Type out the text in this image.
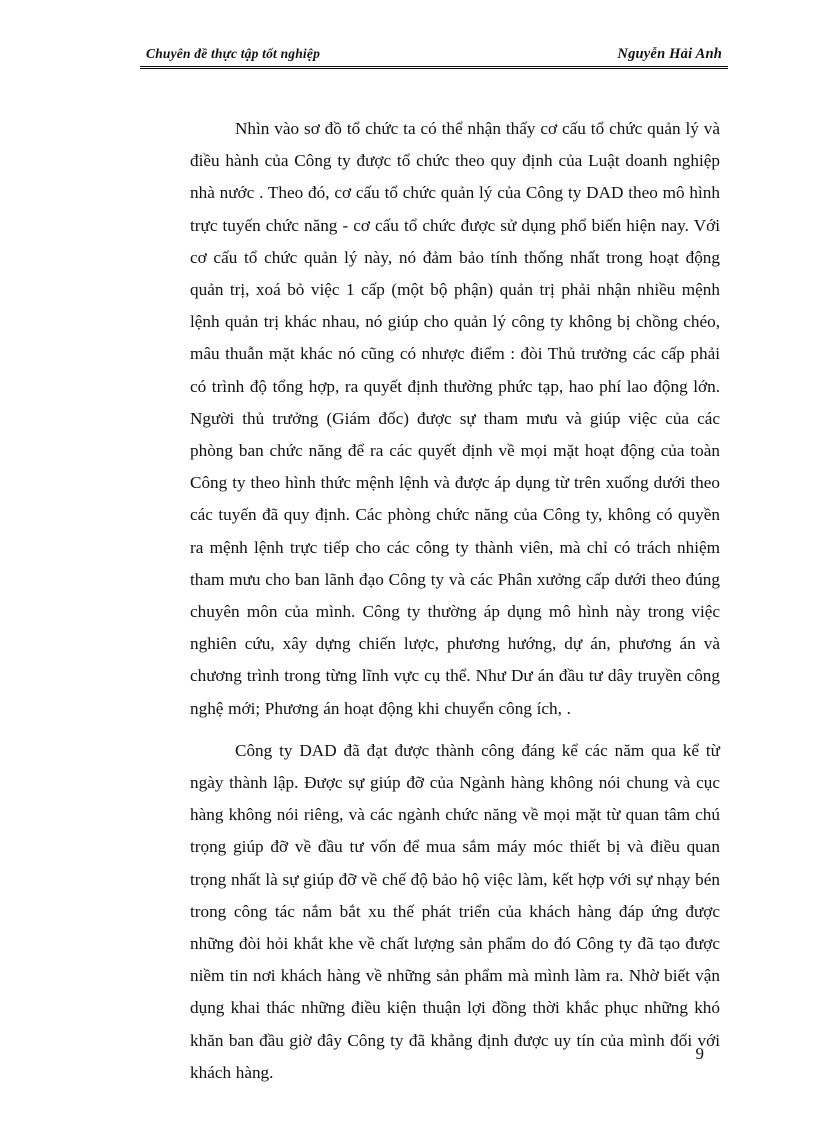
Chuyên đề thực tập tốt nghiệp	Nguyễn Hải Anh

Nhìn vào sơ đồ tổ chức ta có thể nhận thấy cơ cấu tổ chức quản lý và điều hành của Công ty được tổ chức theo quy định của Luật doanh nghiệp nhà nước . Theo đó, cơ cấu tổ chức quản lý của Công ty DAD theo mô hình trực tuyến chức năng - cơ cấu tổ chức được sử dụng phổ biến hiện nay. Với cơ cấu tổ chức quản lý này, nó đảm bảo tính thống nhất trong hoạt động quản trị, xoá bỏ việc 1 cấp (một bộ phận) quản trị phải nhận nhiều mệnh lệnh quản trị khác nhau, nó giúp cho quản lý công ty không bị chồng chéo, mâu thuẫn mặt khác nó cũng có nhược điểm : đòi Thủ trưởng các cấp phải có trình độ tổng hợp, ra quyết định thường phức tạp, hao phí lao động lớn. Người thủ trưởng (Giám đốc) được sự tham mưu và giúp việc của các phòng ban chức năng để ra các quyết định về mọi mặt hoạt động của toàn Công ty theo hình thức mệnh lệnh và được áp dụng từ trên xuống dưới theo các tuyến đã quy định. Các phòng chức năng của Công ty, không có quyền ra mệnh lệnh trực tiếp cho các công ty thành viên, mà chỉ có trách nhiệm tham mưu cho ban lãnh đạo Công ty và các Phân xưởng cấp dưới theo đúng chuyên môn của mình. Công ty thường áp dụng mô hình này trong việc nghiên cứu, xây dựng chiến lược, phương hướng, dự án, phương án và chương trình trong từng lĩnh vực cụ thể. Như Dư án đầu tư dây truyền công nghệ mới; Phương án hoạt động khi chuyển công ích, .

Công ty DAD đã đạt được thành công đáng kể các năm qua kể từ ngày thành lập. Được sự giúp đỡ của Ngành hàng không nói chung và cục hàng không nói riêng, và các ngành chức năng về mọi mặt từ quan tâm chú trọng giúp đỡ về đầu tư vốn để mua sắm máy móc thiết bị và điều quan trọng nhất là sự giúp đỡ về chế độ bảo hộ việc làm, kết hợp với sự nhạy bén trong công tác nắm bắt xu thế phát triển của khách hàng đáp ứng được những đòi hỏi khắt khe về chất lượng sản phẩm do đó Công ty đã tạo được niềm tin nơi khách hàng về những sản phẩm mà mình làm ra. Nhờ biết vận dụng khai thác những điều kiện thuận lợi đồng thời khắc phục những khó khăn ban đầu giờ đây Công ty đã khẳng định được uy tín của mình đối với khách hàng.

9
